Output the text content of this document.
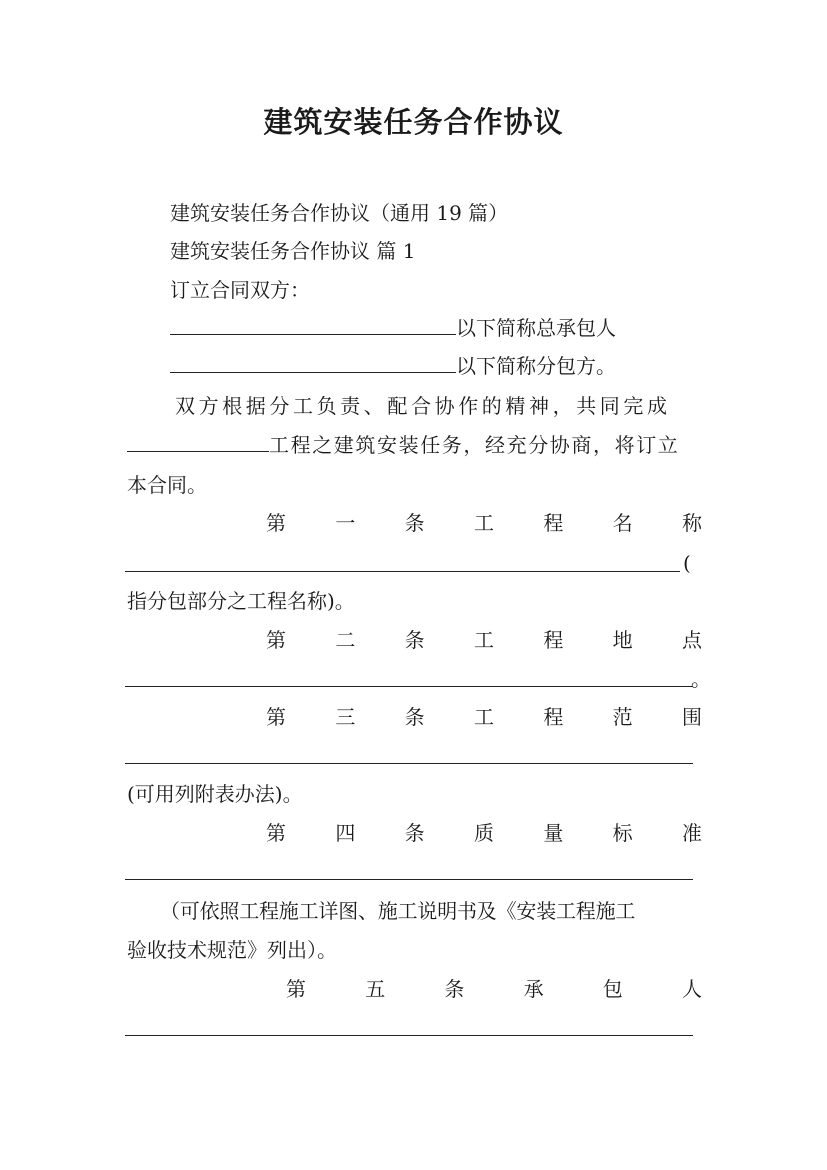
建筑安装任务合作协议
建筑安装任务合作协议（通用 19 篇）
建筑安装任务合作协议 篇 1
订立合同双方：
以下简称总承包人
以下简称分包方。
双方根据分工负责、配合协作的精神，共同完成
工程之建筑安装任务，经充分协商，将订立
本合同。
第 一 条 工 程 名 称
(
指分包部分之工程名称)。
第 二 条 工 程 地 点
。
第 三 条 工 程 范 围
(可用列附表办法)。
第 四 条 质 量 标 准
（可依照工程施工详图、施工说明书及《安装工程施工
验收技术规范》列出）。
第	五	条	承	包	人
